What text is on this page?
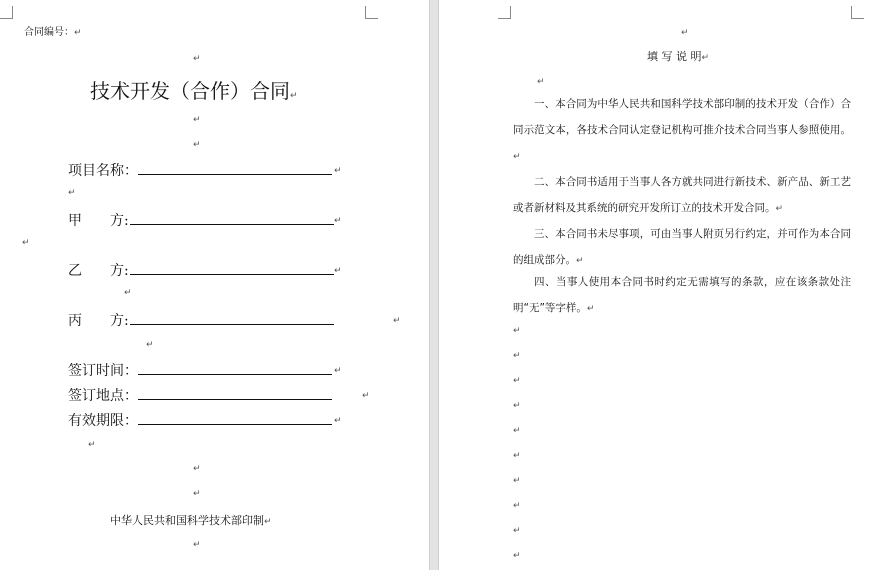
合同编号：↵
↵
技术开发（合作）合同↵
↵
↵
项目名称：	↵
↵
甲　　方:	↵
↵
乙　　方:	↵
↵
丙　　方:	↵
↵
签订时间：	↵
签订地点：	↵
有效期限：	↵
↵
↵
↵
中华人民共和国科学技术部印制↵
↵
↵
填 写 说 明↵
↵
一、本合同为中华人民共和国科学技术部印制的技术开发（合作）合同示范文本，各技术合同认定登记机构可推介技术合同当事人参照使用。↵
二、本合同书适用于当事人各方就共同进行新技术、新产品、新工艺或者新材料及其系统的研究开发所订立的技术开发合同。↵
三、本合同书未尽事项，可由当事人附页另行约定，并可作为本合同的组成部分。↵
四、当事人使用本合同书时约定无需填写的条款，应在该条款处注明“无”等字样。↵
↵
↵
↵
↵
↵
↵
↵
↵
↵
↵
